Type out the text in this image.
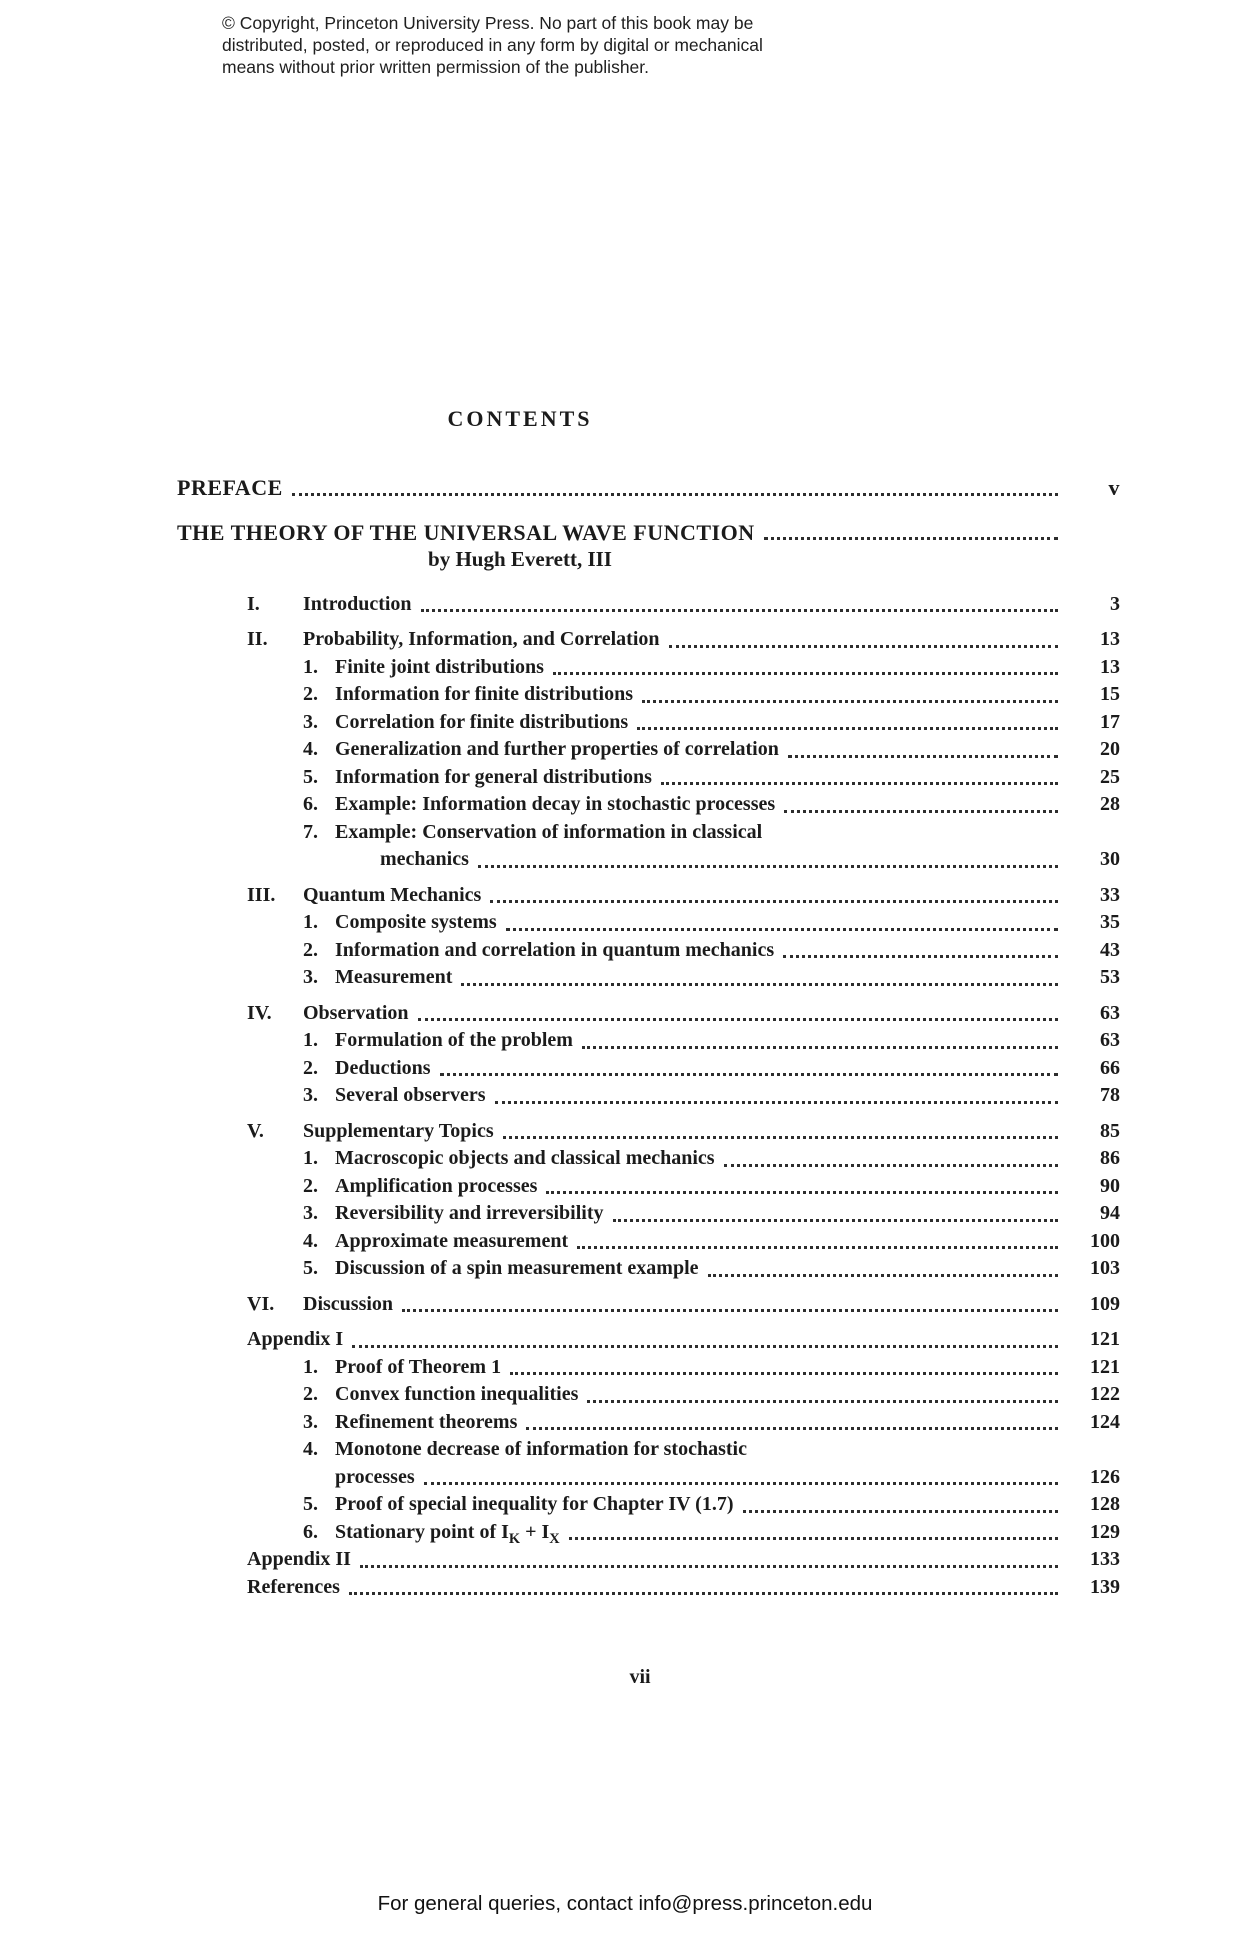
© Copyright, Princeton University Press. No part of this book may be
distributed, posted, or reproduced in any form by digital or mechanical
means without prior written permission of the publisher.
CONTENTS
PREFACE	v
THE THEORY OF THE UNIVERSAL WAVE FUNCTION
by Hugh Everett, III
I.	Introduction	3
II.	Probability, Information, and Correlation	13
1. Finite joint distributions	13
2. Information for finite distributions	15
3. Correlation for finite distributions	17
4. Generalization and further properties of correlation	20
5. Information for general distributions	25
6. Example: Information decay in stochastic processes	28
7. Example: Conservation of information in classical
mechanics	30
III.	Quantum Mechanics	33
1. Composite systems	35
2. Information and correlation in quantum mechanics	43
3. Measurement	53
IV.	Observation	63
1. Formulation of the problem	63
2. Deductions	66
3. Several observers	78
V.	Supplementary Topics	85
1. Macroscopic objects and classical mechanics	86
2. Amplification processes	90
3. Reversibility and irreversibility	94
4. Approximate measurement	100
5. Discussion of a spin measurement example	103
VI.	Discussion	109
Appendix I	121
1. Proof of Theorem 1	121
2. Convex function inequalities	122
3. Refinement theorems	124
4. Monotone decrease of information for stochastic
processes	126
5. Proof of special inequality for Chapter IV (1.7)	128
6. Stationary point of $I_K + I_X$	129
Appendix II	133
References	139
vii
For general queries, contact info@press.princeton.edu
